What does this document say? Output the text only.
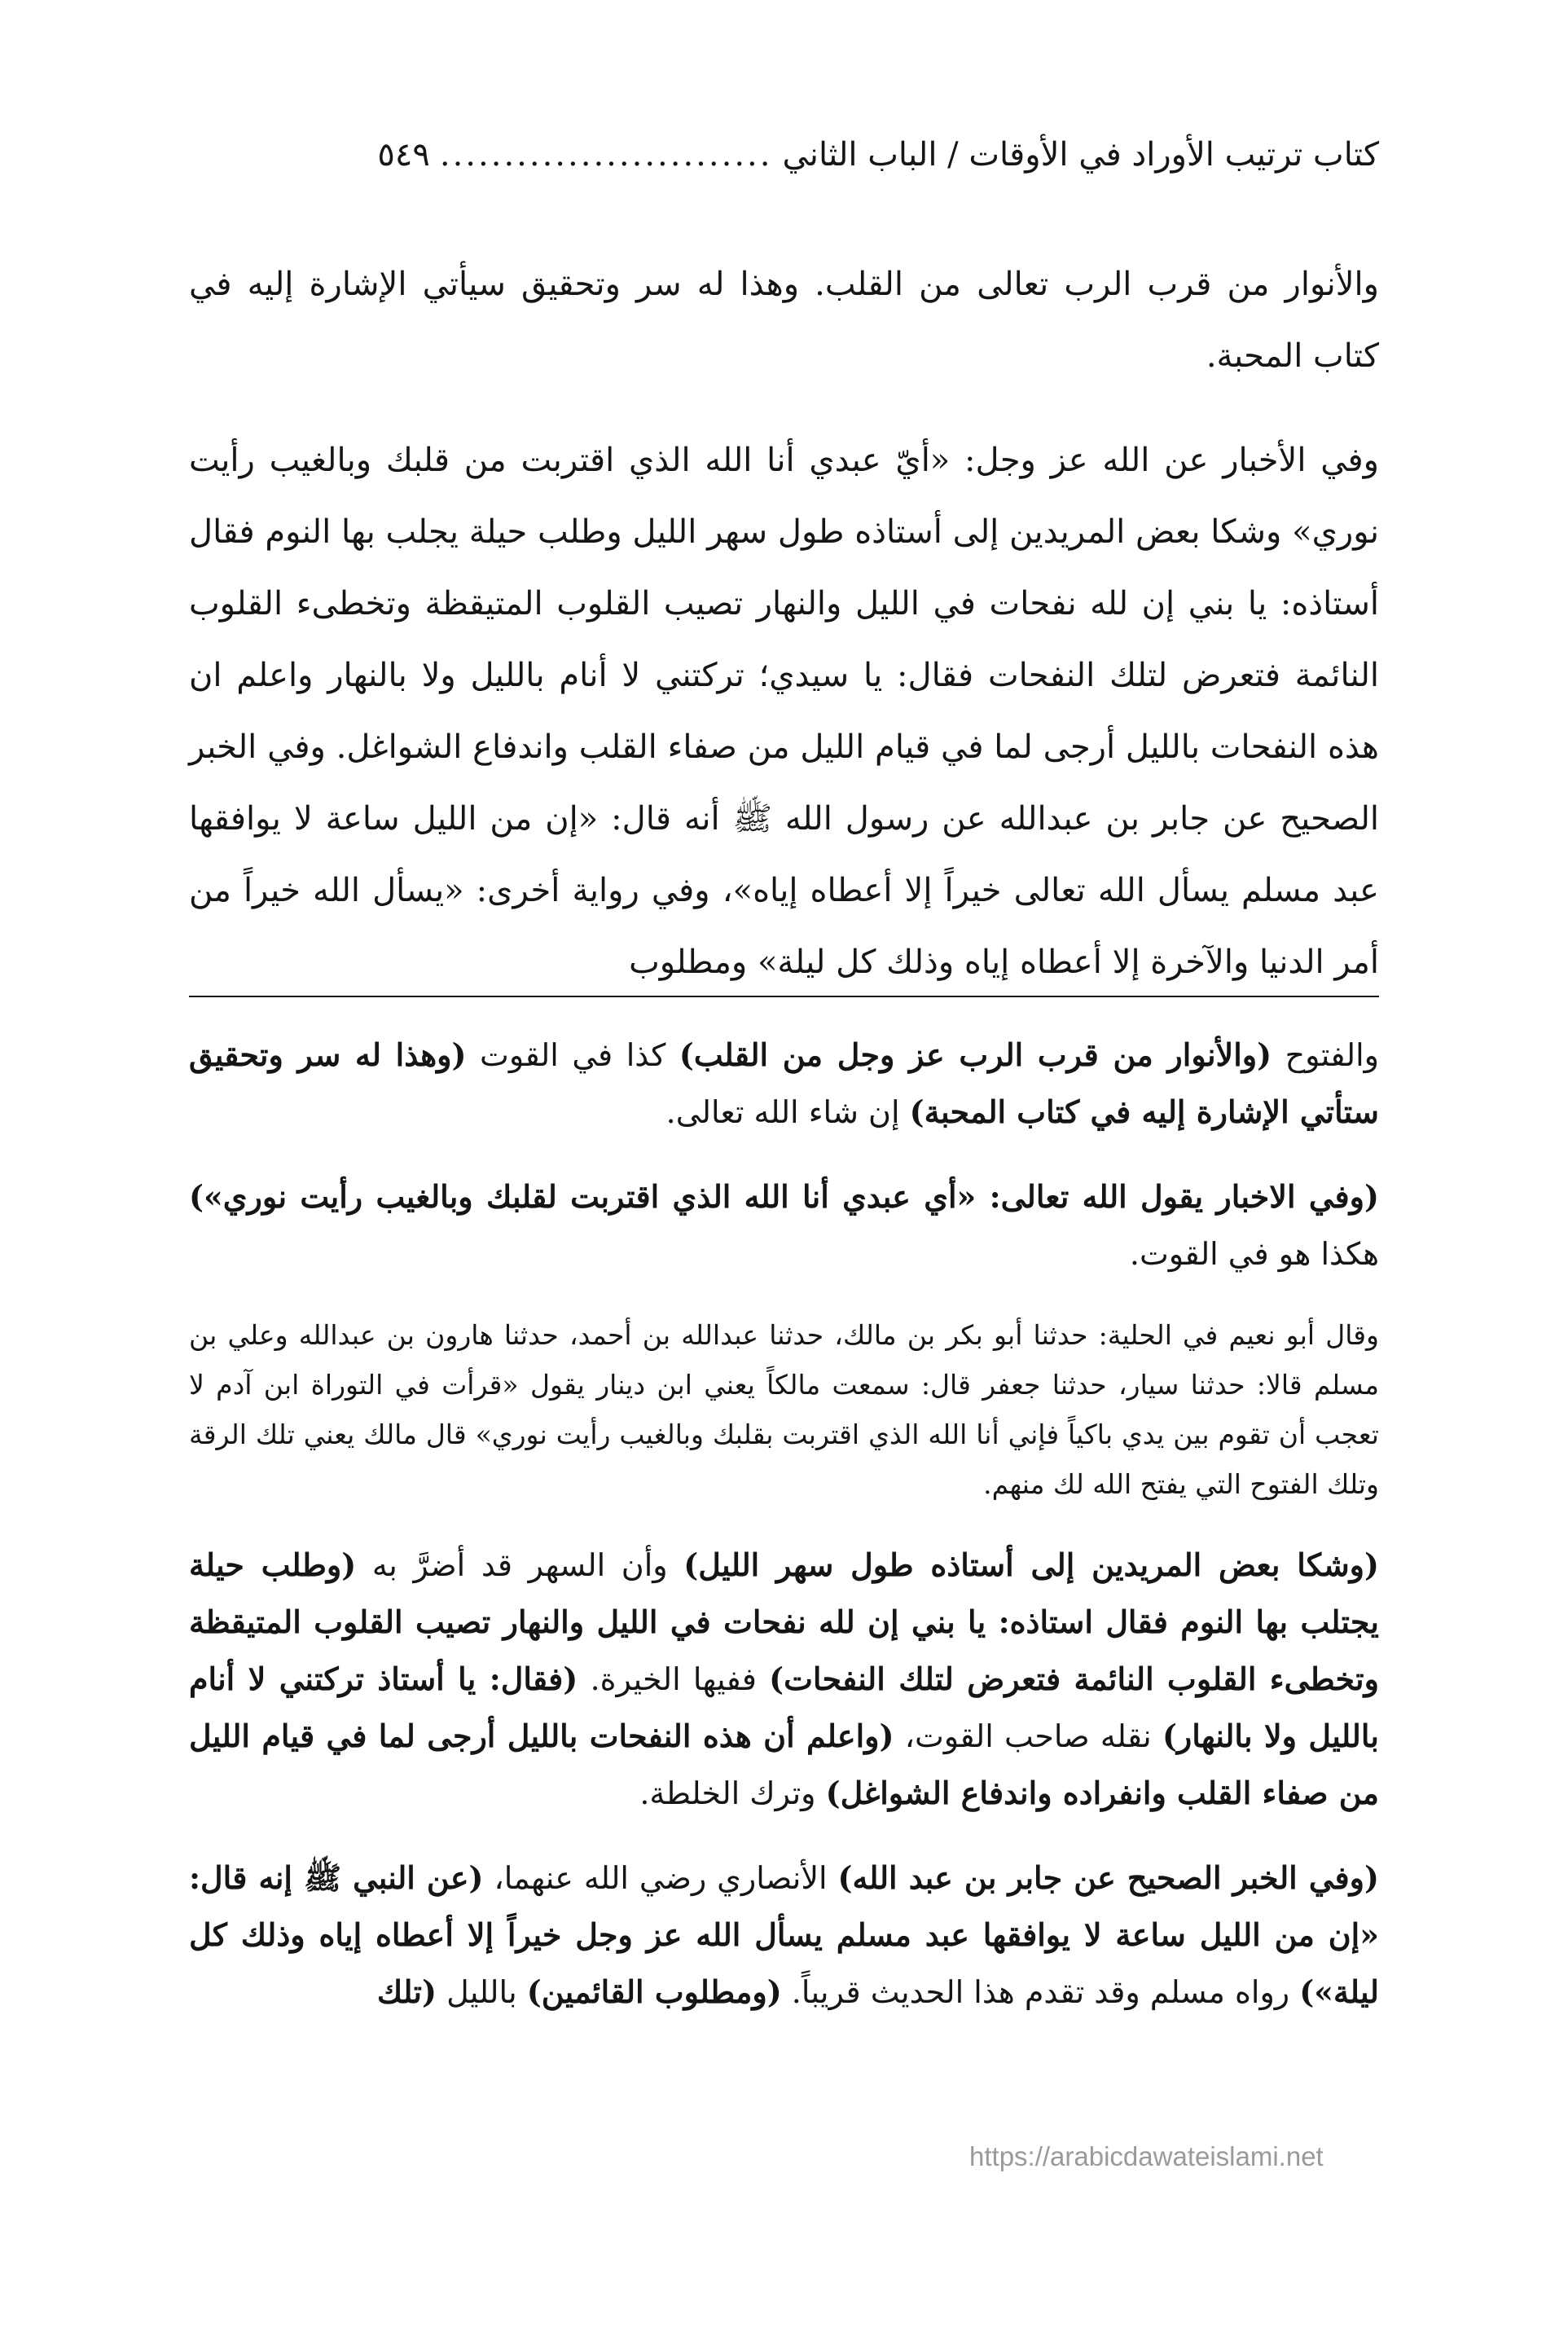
كتاب ترتيب الأوراد في الأوقات / الباب الثاني
..........................
٥٤٩

والأنوار من قرب الرب تعالى من القلب. وهذا له سر وتحقيق سيأتي الإشارة إليه في كتاب المحبة.

وفي الأخبار عن الله عز وجل: «أيّ عبدي أنا الله الذي اقتربت من قلبك وبالغيب رأيت نوري» وشكا بعض المريدين إلى أستاذه طول سهر الليل وطلب حيلة يجلب بها النوم فقال أستاذه: يا بني إن لله نفحات في الليل والنهار تصيب القلوب المتيقظة وتخطىء القلوب النائمة فتعرض لتلك النفحات فقال: يا سيدي؛ تركتني لا أنام بالليل ولا بالنهار واعلم ان هذه النفحات بالليل أرجى لما في قيام الليل من صفاء القلب واندفاع الشواغل. وفي الخبر الصحيح عن جابر بن عبدالله عن رسول الله ﷺ أنه قال: «إن من الليل ساعة لا يوافقها عبد مسلم يسأل الله تعالى خيراً إلا أعطاه إياه»، وفي رواية أخرى: «يسأل الله خيراً من أمر الدنيا والآخرة إلا أعطاه إياه وذلك كل ليلة» ومطلوب

والفتوح (والأنوار من قرب الرب عز وجل من القلب) كذا في القوت (وهذا له سر وتحقيق ستأتي الإشارة إليه في كتاب المحبة) إن شاء الله تعالى.

(وفي الاخبار يقول الله تعالى: «أي عبدي أنا الله الذي اقتربت لقلبك وبالغيب رأيت نوري») هكذا هو في القوت.

وقال أبو نعيم في الحلية: حدثنا أبو بكر بن مالك، حدثنا عبدالله بن أحمد، حدثنا هارون بن عبدالله وعلي بن مسلم قالا: حدثنا سيار، حدثنا جعفر قال: سمعت مالكاً يعني ابن دينار يقول «قرأت في التوراة ابن آدم لا تعجب أن تقوم بين يدي باكياً فإني أنا الله الذي اقتربت بقلبك وبالغيب رأيت نوري» قال مالك يعني تلك الرقة وتلك الفتوح التي يفتح الله لك منهم.

(وشكا بعض المريدين إلى أستاذه طول سهر الليل) وأن السهر قد أضرَّ به (وطلب حيلة يجتلب بها النوم فقال استاذه: يا بني إن لله نفحات في الليل والنهار تصيب القلوب المتيقظة وتخطىء القلوب النائمة فتعرض لتلك النفحات) ففيها الخيرة. (فقال: يا أستاذ تركتني لا أنام بالليل ولا بالنهار) نقله صاحب القوت، (واعلم أن هذه النفحات بالليل أرجى لما في قيام الليل من صفاء القلب وانفراده واندفاع الشواغل) وترك الخلطة.

(وفي الخبر الصحيح عن جابر بن عبد الله) الأنصاري رضي الله عنهما، (عن النبي ﷺ إنه قال: «إن من الليل ساعة لا يوافقها عبد مسلم يسأل الله عز وجل خيراً إلا أعطاه إياه وذلك كل ليلة») رواه مسلم وقد تقدم هذا الحديث قريباً. (ومطلوب القائمين) بالليل (تلك

https://arabicdawateislami.net
